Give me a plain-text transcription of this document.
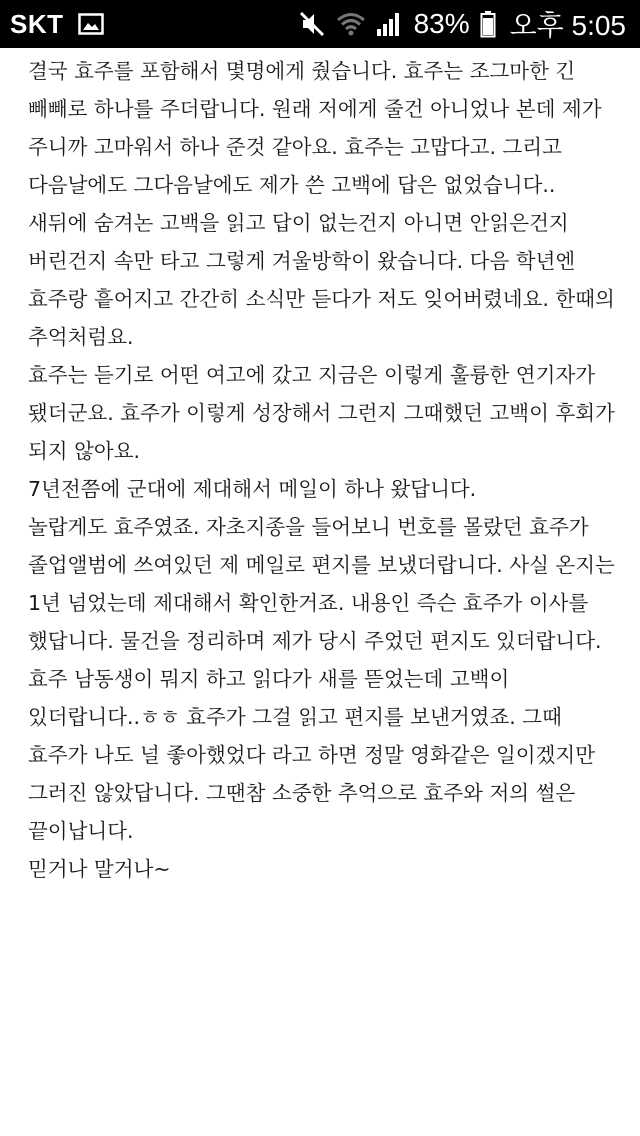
SKT	83% 오후 5:05

결국 효주를 포함해서 몇명에게 줬습니다. 효주는 조그마한 긴 빼빼로 하나를 주더랍니다. 원래 저에게 줄건 아니었나 본데 제가 주니까 고마워서 하나 준것 같아요. 효주는 고맙다고. 그리고 다음날에도 그다음날에도 제가 쓴 고백에 답은 없었습니다..

새뒤에 숨겨논 고백을 읽고 답이 없는건지 아니면 안읽은건지 버린건지 속만 타고 그렇게 겨울방학이 왔습니다. 다음 학년엔 효주랑 흩어지고 간간히 소식만 듣다가 저도 잊어버렸네요. 한때의 추억처럼요.

효주는 듣기로 어떤 여고에 갔고 지금은 이렇게 훌륭한 연기자가 됐더군요. 효주가 이렇게 성장해서 그런지 그때했던 고백이 후회가 되지 않아요.

7년전쯤에 군대에 제대해서 메일이 하나 왔답니다.

놀랍게도 효주였죠. 자초지종을 들어보니 번호를 몰랐던 효주가 졸업앨범에 쓰여있던 제 메일로 편지를 보냈더랍니다. 사실 온지는 1년 넘었는데 제대해서 확인한거죠. 내용인 즉슨 효주가 이사를 했답니다. 물건을 정리하며 제가 당시 주었던 편지도 있더랍니다.

효주 남동생이 뭐지 하고 읽다가 새를 뜯었는데 고백이 있더랍니다..ㅎㅎ 효주가 그걸 읽고 편지를 보낸거였죠. 그때 효주가 나도 널 좋아했었다 라고 하면 정말 영화같은 일이겠지만 그러진 않았답니다. 그땐참 소중한 추억으로 효주와 저의 썰은 끝이납니다.

믿거나 말거나~
